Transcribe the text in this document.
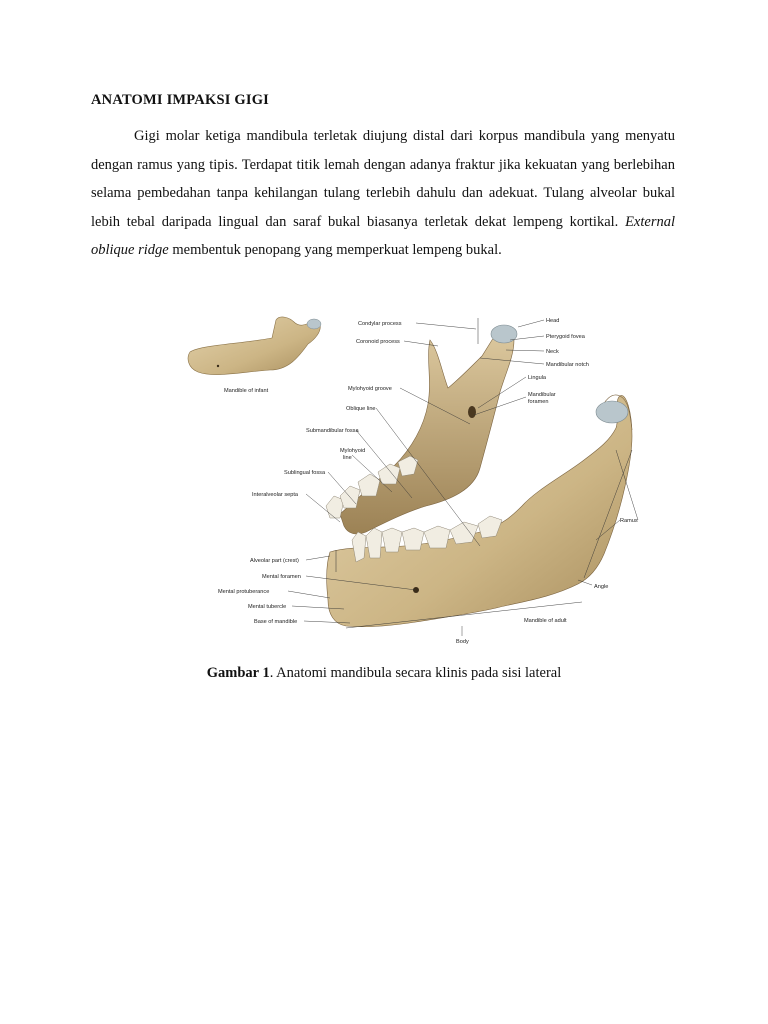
ANATOMI IMPAKSI GIGI
Gigi molar ketiga mandibula terletak diujung distal dari korpus mandibula yang menyatu dengan ramus yang tipis. Terdapat titik lemah dengan adanya fraktur jika kekuatan yang berlebihan selama pembedahan tanpa kehilangan tulang terlebih dahulu dan adekuat. Tulang alveolar bukal lebih tebal daripada lingual dan saraf bukal biasanya terletak dekat lempeng kortikal. External oblique ridge membentuk penopang yang memperkuat lempeng bukal.
Mandible of infant
Head
Pterygoid fovea
Neck
Mandibular notch
Lingula
Mandibular
foramen
Condylar process
Coronoid process
Mylohyoid groove
Oblique line
Submandibular fossa
Mylohyoid
line
Sublingual fossa
Interalveolar septa
Alveolar part (crest)
Mental foramen
Mental protuberance
Mental tubercle
Base of mandible
Body
Ramus
Angle
Mandible of adult
Gambar 1. Anatomi mandibula secara klinis pada sisi lateral
